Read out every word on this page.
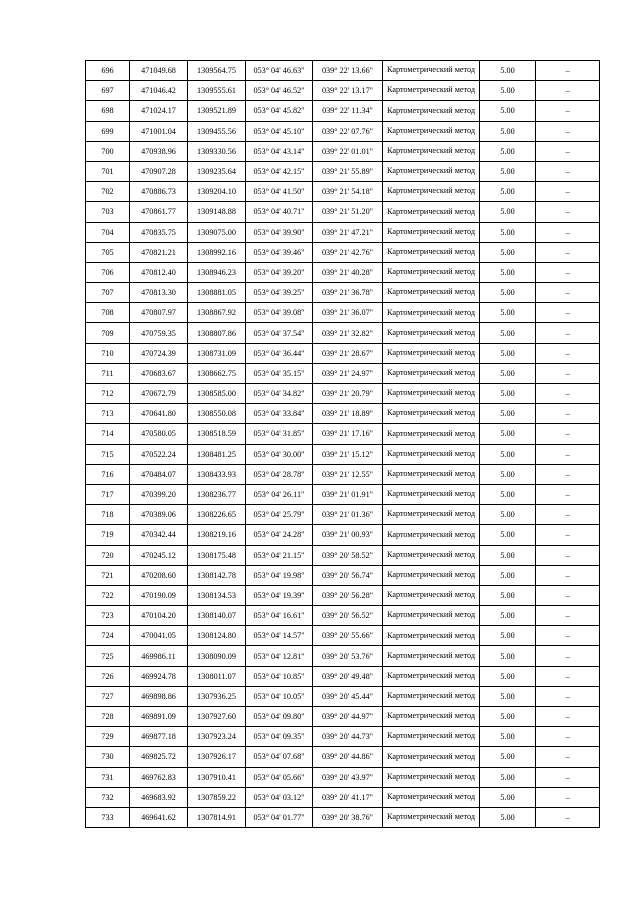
696	471049.68	1309564.75	053° 04' 46.63"	039° 22' 13.66"	Картометрический метод	5.00	–
697	471046.42	1309555.61	053° 04' 46.52"	039° 22' 13.17"	Картометрический метод	5.00	–
698	471024.17	1309521.89	053° 04' 45.82"	039° 22' 11.34"	Картометрический метод	5.00	–
699	471001.04	1309455.56	053° 04' 45.10"	039° 22' 07.76"	Картометрический метод	5.00	–
700	470938.96	1309330.56	053° 04' 43.14"	039° 22' 01.01"	Картометрический метод	5.00	–
701	470907.28	1309235.64	053° 04' 42.15"	039° 21' 55.89"	Картометрический метод	5.00	–
702	470886.73	1309204.10	053° 04' 41.50"	039° 21' 54.18"	Картометрический метод	5.00	–
703	470861.77	1309148.88	053° 04' 40.71"	039° 21' 51.20"	Картометрический метод	5.00	–
704	470835.75	1309075.00	053° 04' 39.90"	039° 21' 47.21"	Картометрический метод	5.00	–
705	470821.21	1308992.16	053° 04' 39.46"	039° 21' 42.76"	Картометрический метод	5.00	–
706	470812.40	1308946.23	053° 04' 39.20"	039° 21' 40.28"	Картометрический метод	5.00	–
707	470813.30	1308881.05	053° 04' 39.25"	039° 21' 36.78"	Картометрический метод	5.00	–
708	470807.97	1308867.92	053° 04' 39.08"	039° 21' 36.07"	Картометрический метод	5.00	–
709	470759.35	1308807.86	053° 04' 37.54"	039° 21' 32.82"	Картометрический метод	5.00	–
710	470724.39	1308731.09	053° 04' 36.44"	039° 21' 28.67"	Картометрический метод	5.00	–
711	470683.67	1308662.75	053° 04' 35.15"	039° 21' 24.97"	Картометрический метод	5.00	–
712	470672.79	1308585.00	053° 04' 34.82"	039° 21' 20.79"	Картометрический метод	5.00	–
713	470641.80	1308550.08	053° 04' 33.84"	039° 21' 18.89"	Картометрический метод	5.00	–
714	470580.05	1308518.59	053° 04' 31.85"	039° 21' 17.16"	Картометрический метод	5.00	–
715	470522.24	1308481.25	053° 04' 30.00"	039° 21' 15.12"	Картометрический метод	5.00	–
716	470484.07	1308433.93	053° 04' 28.78"	039° 21' 12.55"	Картометрический метод	5.00	–
717	470399.20	1308236.77	053° 04' 26.11"	039° 21' 01.91"	Картометрический метод	5.00	–
718	470389.06	1308226.65	053° 04' 25.79"	039° 21' 01.36"	Картометрический метод	5.00	–
719	470342.44	1308219.16	053° 04' 24.28"	039° 21' 00.93"	Картометрический метод	5.00	–
720	470245.12	1308175.48	053° 04' 21.15"	039° 20' 58.52"	Картометрический метод	5.00	–
721	470208.60	1308142.78	053° 04' 19.98"	039° 20' 56.74"	Картометрический метод	5.00	–
722	470190.09	1308134.53	053° 04' 19.39"	039° 20' 56.28"	Картометрический метод	5.00	–
723	470104.20	1308140.07	053° 04' 16.61"	039° 20' 56.52"	Картометрический метод	5.00	–
724	470041.05	1308124.80	053° 04' 14.57"	039° 20' 55.66"	Картометрический метод	5.00	–
725	469986.11	1308090.09	053° 04' 12.81"	039° 20' 53.76"	Картометрический метод	5.00	–
726	469924.78	1308011.07	053° 04' 10.85"	039° 20' 49.48"	Картометрический метод	5.00	–
727	469898.86	1307936.25	053° 04' 10.05"	039° 20' 45.44"	Картометрический метод	5.00	–
728	469891.09	1307927.60	053° 04' 09.80"	039° 20' 44.97"	Картометрический метод	5.00	–
729	469877.18	1307923.24	053° 04' 09.35"	039° 20' 44.73"	Картометрический метод	5.00	–
730	469825.72	1307926.17	053° 04' 07.68"	039° 20' 44.86"	Картометрический метод	5.00	–
731	469762.83	1307910.41	053° 04' 05.66"	039° 20' 43.97"	Картометрический метод	5.00	–
732	469683.92	1307859.22	053° 04' 03.12"	039° 20' 41.17"	Картометрический метод	5.00	–
733	469641.62	1307814.91	053° 04' 01.77"	039° 20' 38.76"	Картометрический метод	5.00	–
